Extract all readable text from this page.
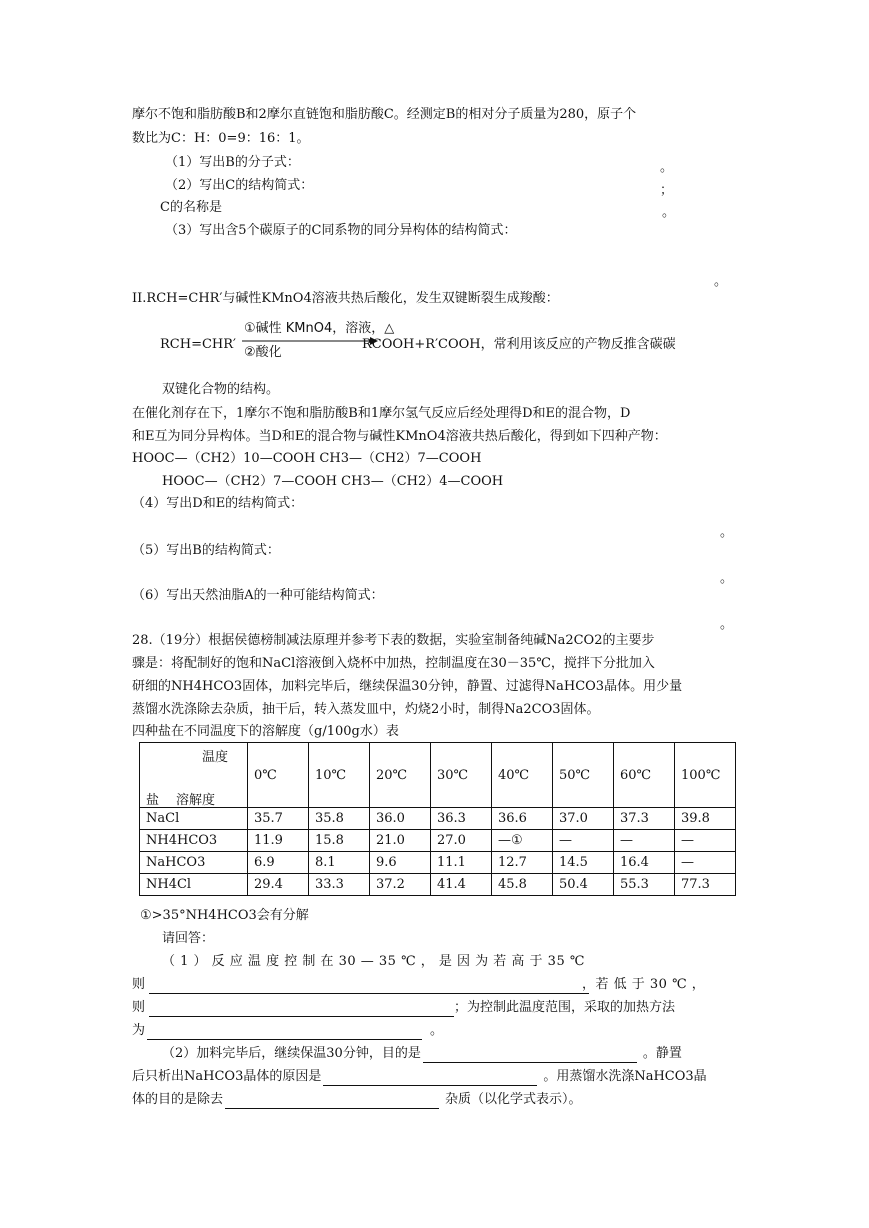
摩尔不饱和脂肪酸B和2摩尔直链饱和脂肪酸C。经测定B的相对分子质量为280，原子个
数比为C：H：0=9：16：1。
（1）写出B的分子式：	。
（2）写出C的结构简式：	；
C的名称是	。
（3）写出含5个碳原子的C同系物的同分异构体的结构简式：
。
II.RCH=CHR′与碱性KMnO4溶液共热后酸化，发生双键断裂生成羧酸：
①碱性 KMnO4，溶液，△
RCH=CHR′	RCOOH+R′COOH，常利用该反应的产物反推含碳碳
②酸化
双键化合物的结构。
在催化剂存在下，1摩尔不饱和脂肪酸B和1摩尔氢气反应后经处理得D和E的混合物，D
和E互为同分异构体。当D和E的混合物与碱性KMnO4溶液共热后酸化，得到如下四种产物：
HOOC—（CH2）10—COOH CH3—（CH2）7—COOH
HOOC—（CH2）7—COOH CH3—（CH2）4—COOH
（4）写出D和E的结构简式：
。
（5）写出B的结构简式：
。
（6）写出天然油脂A的一种可能结构简式：
。
28.（19分）根据侯德榜制减法原理并参考下表的数据，实验室制备纯碱Na2CO2的主要步
骤是：将配制好的饱和NaCl溶液倒入烧杯中加热，控制温度在30－35℃，搅拌下分批加入
研细的NH4HCO3固体，加料完毕后，继续保温30分钟，静置、过滤得NaHCO3晶体。用少量
蒸馏水洗涤除去杂质，抽干后，转入蒸发皿中，灼烧2小时，制得Na2CO3固体。
四种盐在不同温度下的溶解度（g/100g水）表
温度
盐 溶解度	0℃	10℃	20℃	30℃	40℃	50℃	60℃	100℃
NaCl	35.7	35.8	36.0	36.3	36.6	37.0	37.3	39.8
NH4HCO3	11.9	15.8	21.0	27.0	—①	—	—	—
NaHCO3	6.9	8.1	9.6	11.1	12.7	14.5	16.4	—
NH4Cl	29.4	33.3	37.2	41.4	45.8	50.4	55.3	77.3
①>35°NH4HCO3会有分解
请回答：
（ 1 ） 反 应 温 度 控 制 在 30 — 35 ℃ ， 是 因 为 若 高 于 35 ℃
则	，若 低 于 30 ℃ ，
则	；为控制此温度范围，采取的加热方法
为	。
（2）加料完毕后，继续保温30分钟，目的是	。静置
后只析出NaHCO3晶体的原因是	。用蒸馏水洗涤NaHCO3晶
体的目的是除去	杂质（以化学式表示）。
